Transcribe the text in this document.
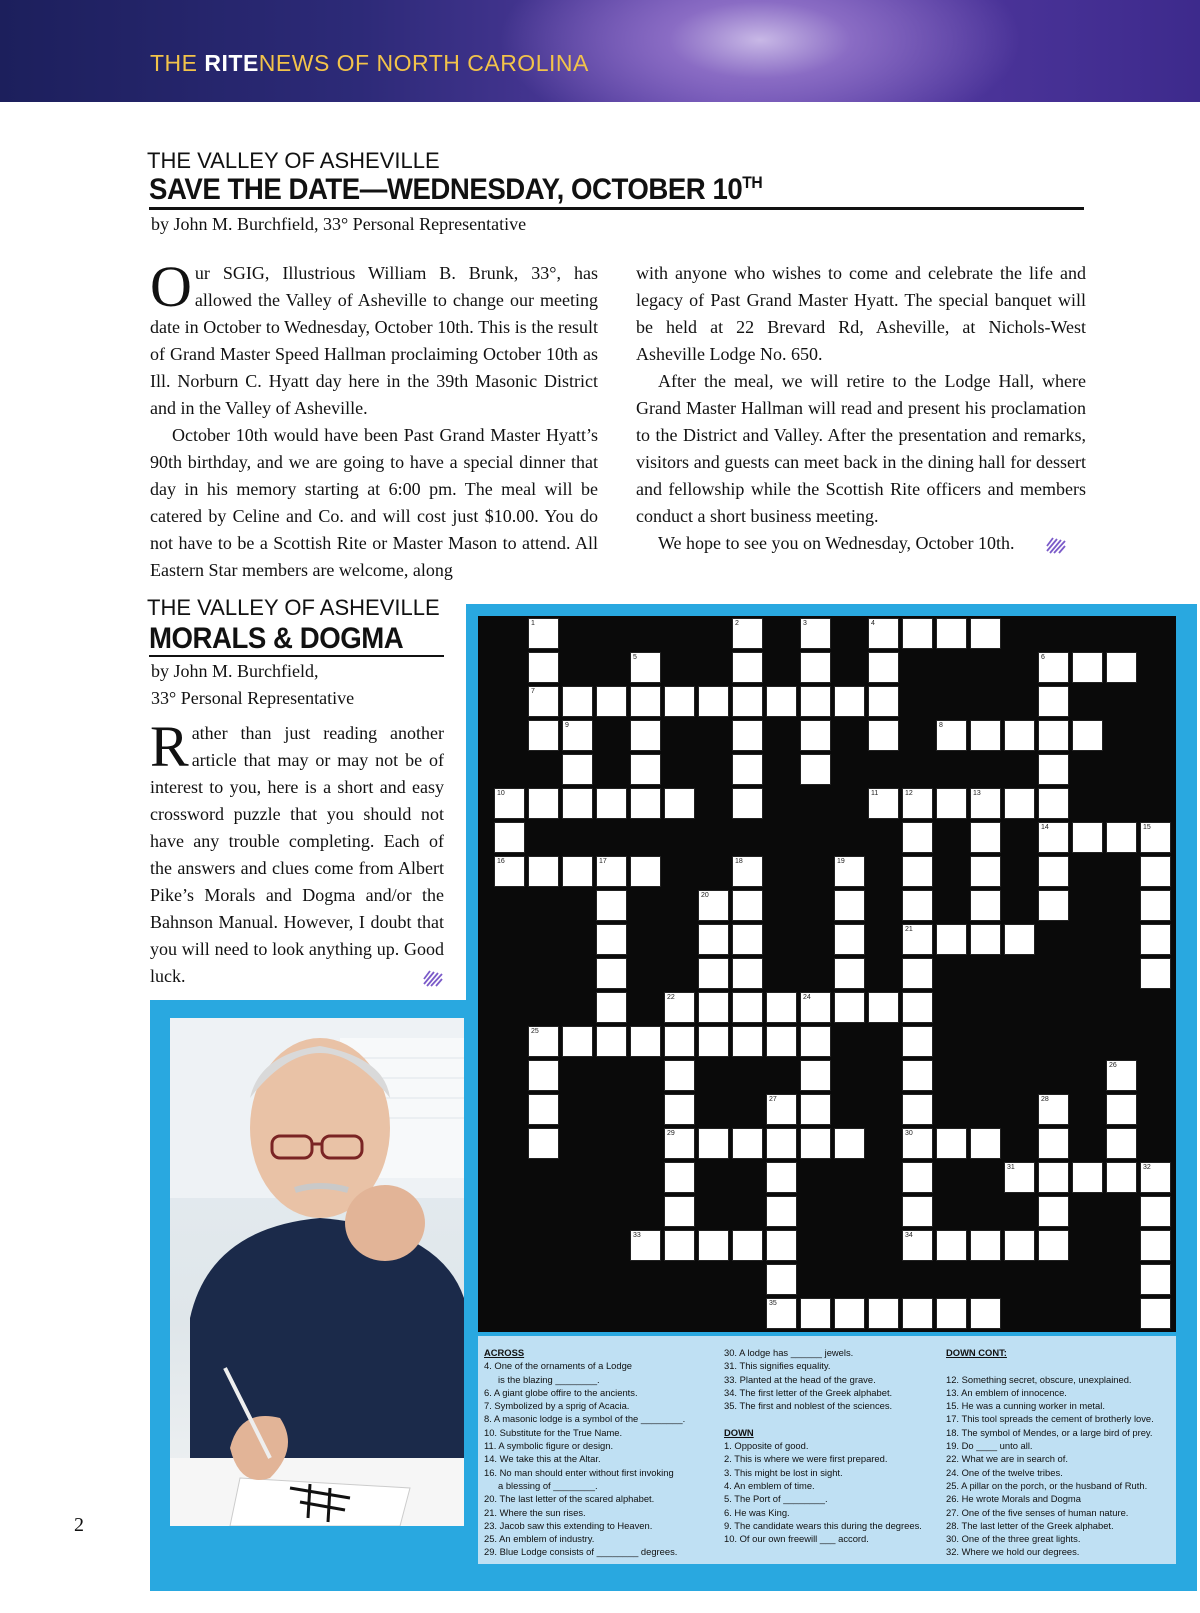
THE RITENEWS OF NORTH CAROLINA
THE VALLEY OF ASHEVILLE
SAVE THE DATE—WEDNESDAY, OCTOBER 10TH
by John M. Burchfield, 33° Personal Representative

Our SGIG, Illustrious William B. Brunk, 33°, has allowed the Valley of Asheville to change our meeting date in October to Wednesday, October 10th. This is the result of Grand Master Speed Hallman proclaiming October 10th as Ill. Norburn C. Hyatt day here in the 39th Masonic District and in the Valley of Asheville.

October 10th would have been Past Grand Master Hyatt’s 90th birthday, and we are going to have a special dinner that day in his memory starting at 6:00 pm. The meal will be catered by Celine and Co. and will cost just $10.00. You do not have to be a Scottish Rite or Master Mason to attend. All Eastern Star members are welcome, along

with anyone who wishes to come and celebrate the life and legacy of Past Grand Master Hyatt. The special banquet will be held at 22 Brevard Rd, Asheville, at Nichols-West Asheville Lodge No. 650.

After the meal, we will retire to the Lodge Hall, where Grand Master Hallman will read and present his proclamation to the District and Valley. After the presentation and remarks, visitors and guests can meet back in the dining hall for dessert and fellowship while the Scottish Rite officers and members conduct a short business meeting.

We hope to see you on Wednesday, October 10th.

THE VALLEY OF ASHEVILLE
MORALS & DOGMA
by John M. Burchfield,
33° Personal Representative

Rather than just reading another article that may or may not be of interest to you, here is a short and easy crossword puzzle that you should not have any trouble completing. Each of the answers and clues come from Albert Pike’s Morals and Dogma and/or the Bahnson Manual. However, I doubt that you will need to look anything up. Good luck.

4
6
7
8
10	11	12	13
14	15
16	17
21
22	24
25
29	30
31	32
33	34
35
1	2	3
5
9
18	19
20
26
27	28
ACROSS
4. One of the ornaments of a Lodge
is the blazing ________.
6. A giant globe offire to the ancients.
7. Symbolized by a sprig of Acacia.
8. A masonic lodge is a symbol of the ________.
10. Substitute for the True Name.
11. A symbolic figure or design.
14. We take this at the Altar.
16. No man should enter without first invoking
a blessing of ________.
20. The last letter of the scared alphabet.
21. Where the sun rises.
23. Jacob saw this extending to Heaven.
25. An emblem of industry.
29. Blue Lodge consists of ________ degrees.
30. A lodge has ______ jewels.
31. This signifies equality.
33. Planted at the head of the grave.
34. The first letter of the Greek alphabet.
35. The first and noblest of the sciences.

DOWN
1. Opposite of good.
2. This is where we were first prepared.
3. This might be lost in sight.
4. An emblem of time.
5. The Port of ________.
6. He was King.
9. The candidate wears this during the degrees.
10. Of our own freewill ___ accord.
DOWN CONT:

12. Something secret, obscure, unexplained.
13. An emblem of innocence.
15. He was a cunning worker in metal.
17. This tool spreads the cement of brotherly love.
18. The symbol of Mendes, or a large bird of prey.
19. Do ____ unto all.
22. What we are in search of.
24. One of the twelve tribes.
25. A pillar on the porch, or the husband of Ruth.
26. He wrote Morals and Dogma
27. One of the five senses of human nature.
28. The last letter of the Greek alphabet.
30. One of the three great lights.
32. Where we hold our degrees.
2
